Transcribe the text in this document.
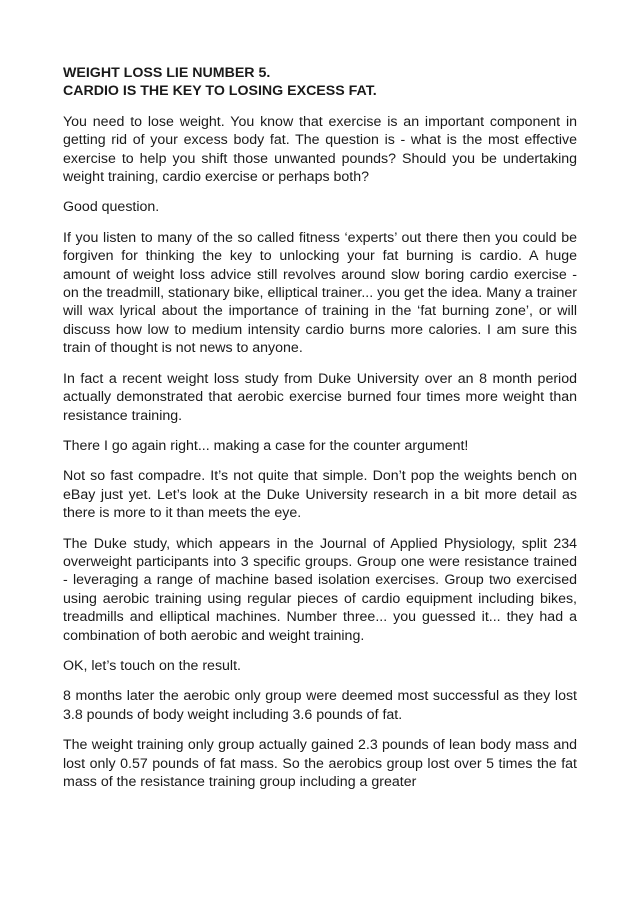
WEIGHT LOSS LIE NUMBER 5.
CARDIO IS THE KEY TO LOSING EXCESS FAT.

You need to lose weight. You know that exercise is an important component in getting rid of your excess body fat. The question is - what is the most effective exercise to help you shift those unwanted pounds? Should you be undertaking weight training, cardio exercise or perhaps both?

Good question.

If you listen to many of the so called fitness ‘experts’ out there then you could be forgiven for thinking the key to unlocking your fat burning is cardio. A huge amount of weight loss advice still revolves around slow boring cardio exercise - on the treadmill, stationary bike, elliptical trainer... you get the idea. Many a trainer will wax lyrical about the importance of training in the ‘fat burning zone’, or will discuss how low to medium intensity cardio burns more calories. I am sure this train of thought is not news to anyone.

In fact a recent weight loss study from Duke University over an 8 month period actually demonstrated that aerobic exercise burned four times more weight than resistance training.

There I go again right... making a case for the counter argument!

Not so fast compadre. It’s not quite that simple. Don’t pop the weights bench on eBay just yet. Let’s look at the Duke University research in a bit more detail as there is more to it than meets the eye.

The Duke study, which appears in the Journal of Applied Physiology, split 234 overweight participants into 3 specific groups. Group one were resistance trained - leveraging a range of machine based isolation exercises. Group two exercised using aerobic training using regular pieces of cardio equipment including bikes, treadmills and elliptical machines. Number three... you guessed it... they had a combination of both aerobic and weight training.

OK, let’s touch on the result.

8 months later the aerobic only group were deemed most successful as they lost 3.8 pounds of body weight including 3.6 pounds of fat.

The weight training only group actually gained 2.3 pounds of lean body mass and lost only 0.57 pounds of fat mass. So the aerobics group lost over 5 times the fat mass of the resistance training group including a greater
